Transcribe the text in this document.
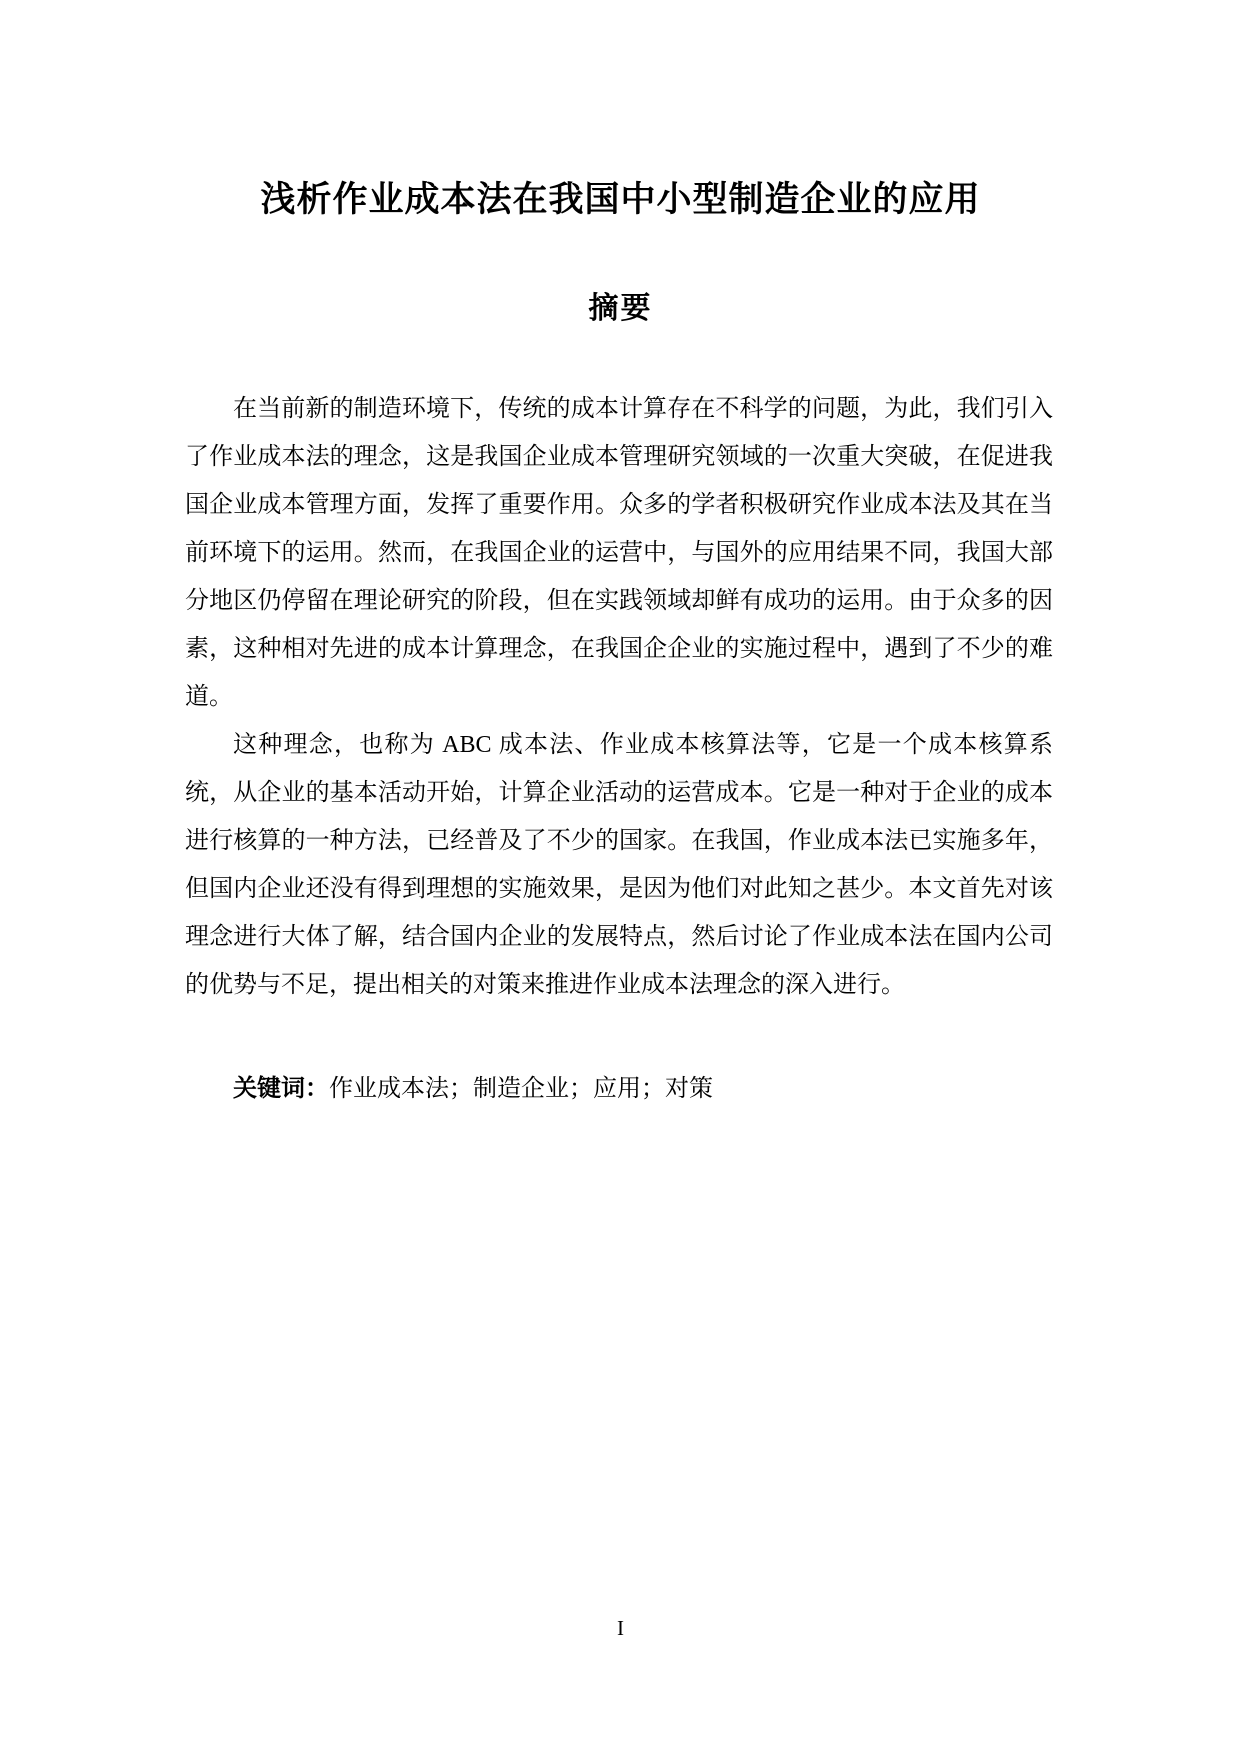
浅析作业成本法在我国中小型制造企业的应用
摘要

在当前新的制造环境下，传统的成本计算存在不科学的问题，为此，我们引入了作业成本法的理念，这是我国企业成本管理研究领域的一次重大突破，在促进我国企业成本管理方面，发挥了重要作用。众多的学者积极研究作业成本法及其在当前环境下的运用。然而，在我国企业的运营中，与国外的应用结果不同，我国大部分地区仍停留在理论研究的阶段，但在实践领域却鲜有成功的运用。由于众多的因素，这种相对先进的成本计算理念，在我国企企业的实施过程中，遇到了不少的难道。

这种理念，也称为 ABC 成本法、作业成本核算法等，它是一个成本核算系统，从企业的基本活动开始，计算企业活动的运营成本。它是一种对于企业的成本进行核算的一种方法，已经普及了不少的国家。在我国，作业成本法已实施多年，但国内企业还没有得到理想的实施效果，是因为他们对此知之甚少。本文首先对该理念进行大体了解，结合国内企业的发展特点，然后讨论了作业成本法在国内公司的优势与不足，提出相关的对策来推进作业成本法理念的深入进行。

关键词：作业成本法；制造企业；应用；对策

I
